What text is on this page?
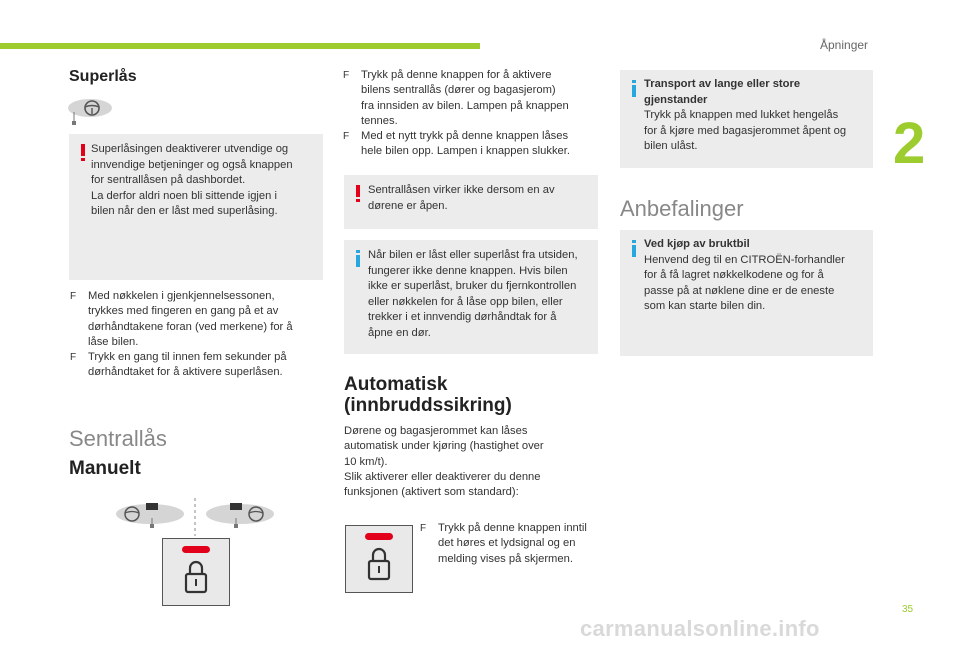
Åpninger
2
Superlås
Superlåsingen deaktiverer utvendige og
innvendige betjeninger og også knappen
for sentrallåsen på dashbordet.
La derfor aldri noen bli sittende igjen i
bilen når den er låst med superlåsing.
F Med nøkkelen i gjenkjennelsessonen,
trykkes med fingeren en gang på et av
dørhåndtakene foran (ved merkene) for å
låse bilen.
F Trykk en gang til innen fem sekunder på
dørhåndtaket for å aktivere superlåsen.
Sentrallås
Manuelt
F Trykk på denne knappen for å aktivere
bilens sentrallås (dører og bagasjerom)
fra innsiden av bilen. Lampen på knappen
tennes.
F Med et nytt trykk på denne knappen låses
hele bilen opp. Lampen i knappen slukker.
Sentrallåsen virker ikke dersom en av
dørene er åpen.
Når bilen er låst eller superlåst fra utsiden,
fungerer ikke denne knappen. Hvis bilen
ikke er superlåst, bruker du fjernkontrollen
eller nøkkelen for å låse opp bilen, eller
trekker i et innvendig dørhåndtak for å
åpne en dør.
Automatisk
(innbruddssikring)
Dørene og bagasjerommet kan låses
automatisk under kjøring (hastighet over
10 km/t).
Slik aktiverer eller deaktiverer du denne
funksjonen (aktivert som standard):
F Trykk på denne knappen inntil
det høres et lydsignal og en
melding vises på skjermen.
Transport av lange eller store
gjenstander
Trykk på knappen med lukket hengelås
for å kjøre med bagasjerommet åpent og
bilen ulåst.
Anbefalinger
Ved kjøp av bruktbil
Henvend deg til en CITROËN-forhandler
for å få lagret nøkkelkodene og for å
passe på at nøklene dine er de eneste
som kan starte bilen din.
35
carmanualsonline.info
